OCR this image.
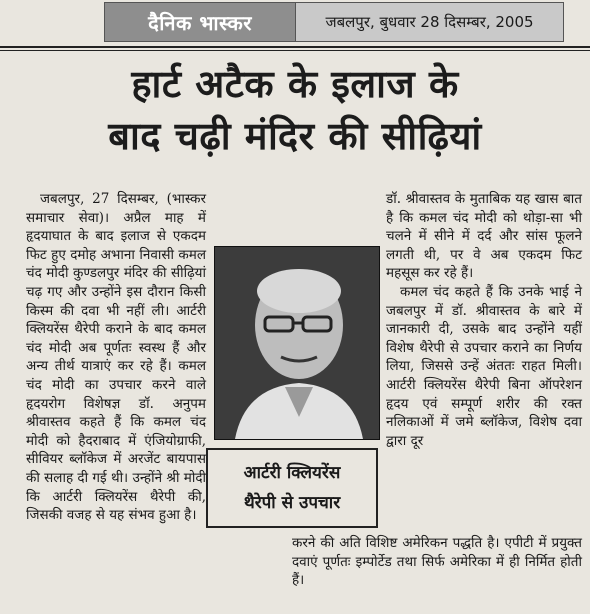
दैनिक भास्कर	जबलपुर, बुधवार 28 दिसम्बर, 2005
हार्ट अटैक के इलाज के
बाद चढ़ी मंदिर की सीढ़ियां

जबलपुर, 27 दिसम्बर, (भास्कर समाचार सेवा)। अप्रैल माह में हृदयाघात के बाद इलाज से एकदम फिट हुए दमोह अभाना निवासी कमल चंद मोदी कुण्डलपुर मंदिर की सीढ़ियां चढ़ गए और उन्होंने इस दौरान किसी किस्म की दवा भी नहीं ली। आर्टरी क्लियरेंस थैरेपी कराने के बाद कमल चंद मोदी अब पूर्णतः स्वस्थ हैं और अन्य तीर्थ यात्राएं कर रहे हैं। कमल चंद मोदी का उपचार करने वाले हृदयरोग विशेषज्ञ डॉ. अनुपम श्रीवास्तव कहते हैं कि कमल चंद मोदी को हैदराबाद में एंजियोग्राफी, सीवियर ब्लॉकेज में अरजेंट बायपास की सलाह दी गई थी। उन्होंने श्री मोदी कि आर्टरी क्लियरेंस थैरेपी की, जिसकी वजह से यह संभव हुआ है।

आर्टरी क्लियरेंस
थैरेपी से उपचार

डॉ. श्रीवास्तव के मुताबिक यह खास बात है कि कमल चंद मोदी को थोड़ा-सा भी चलने में सीने में दर्द और सांस फूलने लगती थी, पर वे अब एकदम फिट महसूस कर रहे हैं।

कमल चंद कहते हैं कि उनके भाई ने जबलपुर में डॉ. श्रीवास्तव के बारे में जानकारी दी, उसके बाद उन्होंने यहीं विशेष थैरेपी से उपचार कराने का निर्णय लिया, जिससे उन्हें अंततः राहत मिली। आर्टरी क्लियरेंस थैरेपी बिना ऑपरेशन हृदय एवं सम्पूर्ण शरीर की रक्त नलिकाओं में जमे ब्लॉकेज, विशेष दवा द्वारा दूर

करने की अति विशिष्ट अमेरिकन पद्धति है। एपीटी में प्रयुक्त दवाएं पूर्णतः इम्पोर्टेड तथा सिर्फ अमेरिका में ही निर्मित होती हैं।
